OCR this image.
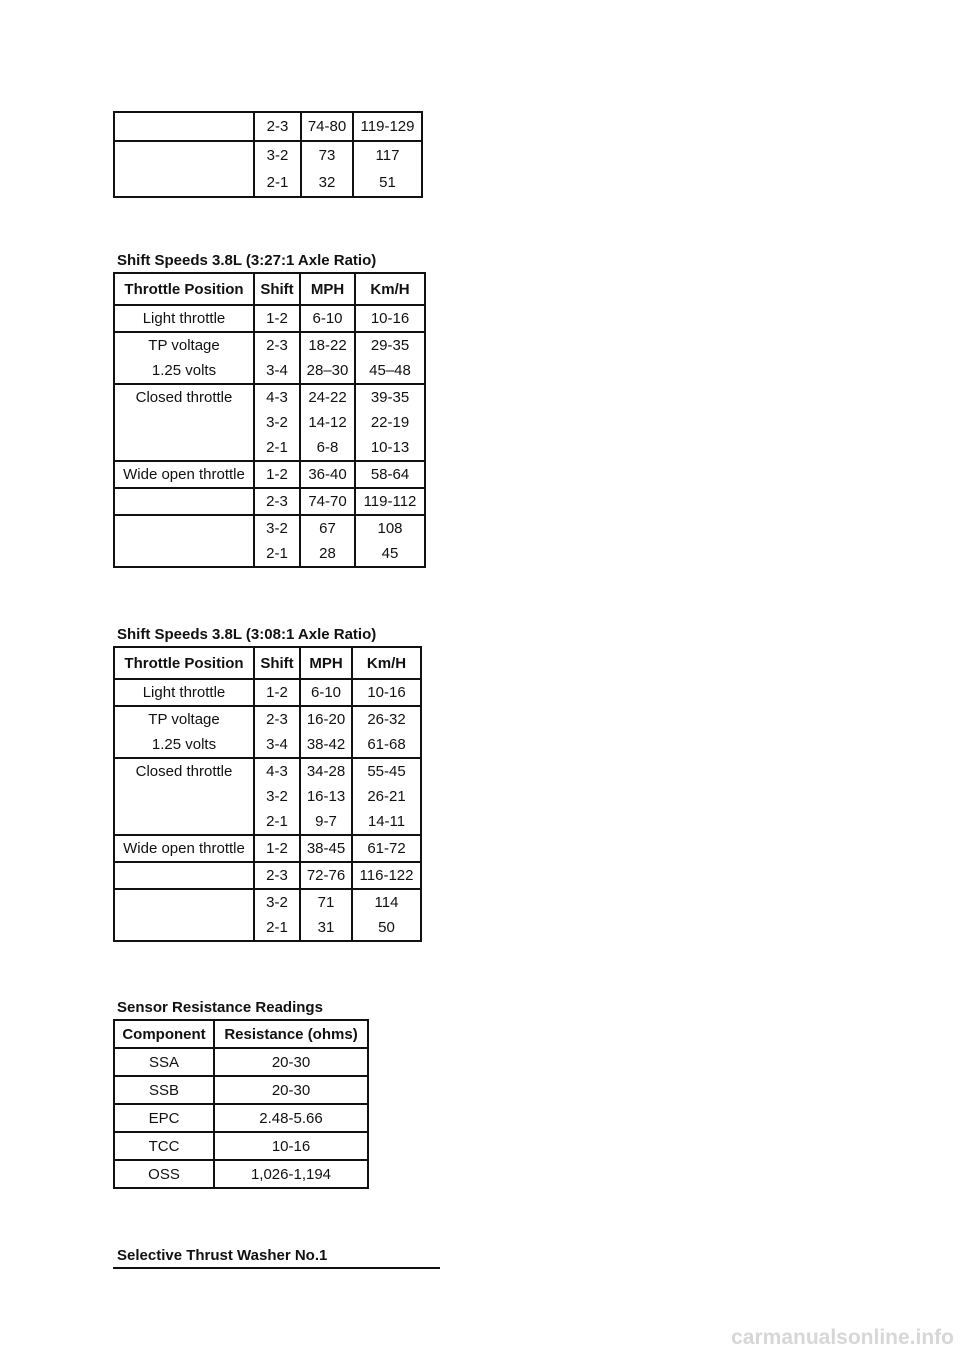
	2-3	74-80	119-129
	3-2	73	117
	2-1	32	51
Shift Speeds 3.8L (3:27:1 Axle Ratio)
Throttle Position	Shift	MPH	Km/H
Light throttle	1-2	6-10	10-16
TP voltage	2-3	18-22	29-35
1.25 volts	3-4	28–30	45–48
Closed throttle	4-3	24-22	39-35
	3-2	14-12	22-19
	2-1	6-8	10-13
Wide open throttle	1-2	36-40	58-64
	2-3	74-70	119-112
	3-2	67	108
	2-1	28	45
Shift Speeds 3.8L (3:08:1 Axle Ratio)
Throttle Position	Shift	MPH	Km/H
Light throttle	1-2	6-10	10-16
TP voltage	2-3	16-20	26-32
1.25 volts	3-4	38-42	61-68
Closed throttle	4-3	34-28	55-45
	3-2	16-13	26-21
	2-1	9-7	14-11
Wide open throttle	1-2	38-45	61-72
	2-3	72-76	116-122
	3-2	71	114
	2-1	31	50
Sensor Resistance Readings
Component	Resistance (ohms)
SSA	20-30
SSB	20-30
EPC	2.48-5.66
TCC	10-16
OSS	1,026-1,194
Selective Thrust Washer No.1
carmanualsonline.info
